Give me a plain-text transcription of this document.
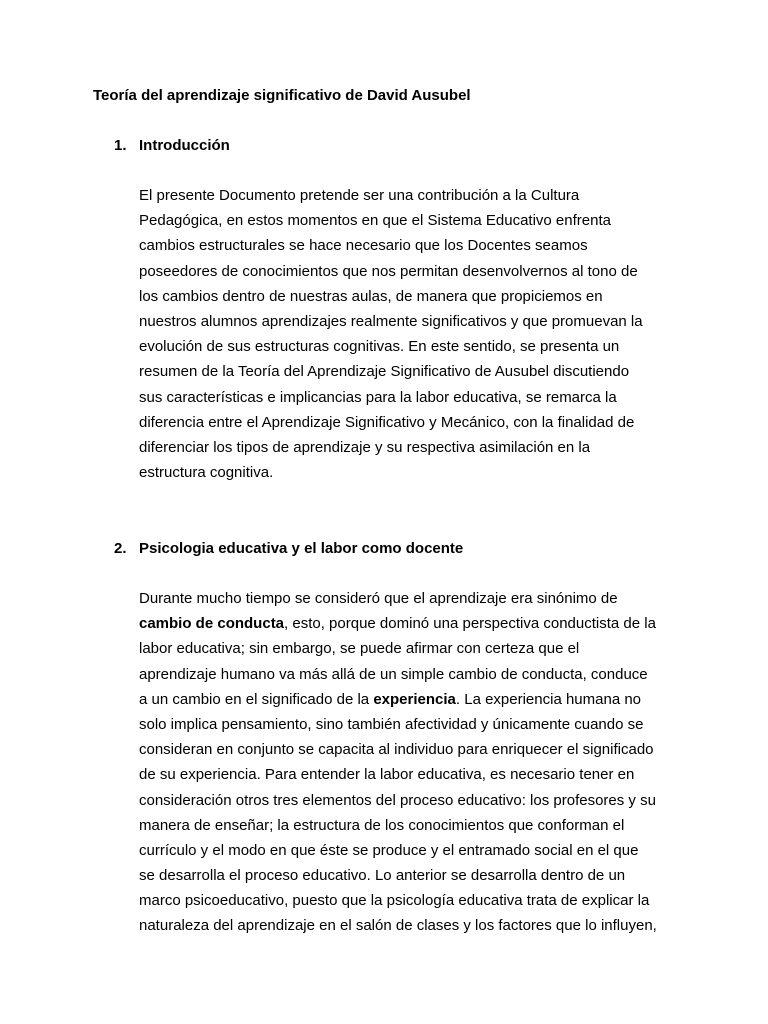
Teoría del aprendizaje significativo de David Ausubel
1. Introducción

El presente Documento pretende ser una contribución a la Cultura
Pedagógica, en estos momentos en que el Sistema Educativo enfrenta
cambios estructurales se hace necesario que los Docentes seamos
poseedores de conocimientos que nos permitan desenvolvernos al tono de
los cambios dentro de nuestras aulas, de manera que propiciemos en
nuestros alumnos aprendizajes realmente significativos y que promuevan la
evolución de sus estructuras cognitivas. En este sentido, se presenta un
resumen de la Teoría del Aprendizaje Significativo de Ausubel discutiendo
sus características e implicancias para la labor educativa, se remarca la
diferencia entre el Aprendizaje Significativo y Mecánico, con la finalidad de
diferenciar los tipos de aprendizaje y su respectiva asimilación en la
estructura cognitiva.

2. Psicologia educativa y el labor como docente

Durante mucho tiempo se consideró que el aprendizaje era sinónimo de
cambio de conducta, esto, porque dominó una perspectiva conductista de la
labor educativa; sin embargo, se puede afirmar con certeza que el
aprendizaje humano va más allá de un simple cambio de conducta, conduce
a un cambio en el significado de la experiencia. La experiencia humana no
solo implica pensamiento, sino también afectividad y únicamente cuando se
consideran en conjunto se capacita al individuo para enriquecer el significado
de su experiencia. Para entender la labor educativa, es necesario tener en
consideración otros tres elementos del proceso educativo: los profesores y su
manera de enseñar; la estructura de los conocimientos que conforman el
currículo y el modo en que éste se produce y el entramado social en el que
se desarrolla el proceso educativo. Lo anterior se desarrolla dentro de un
marco psicoeducativo, puesto que la psicología educativa trata de explicar la
naturaleza del aprendizaje en el salón de clases y los factores que lo influyen,
